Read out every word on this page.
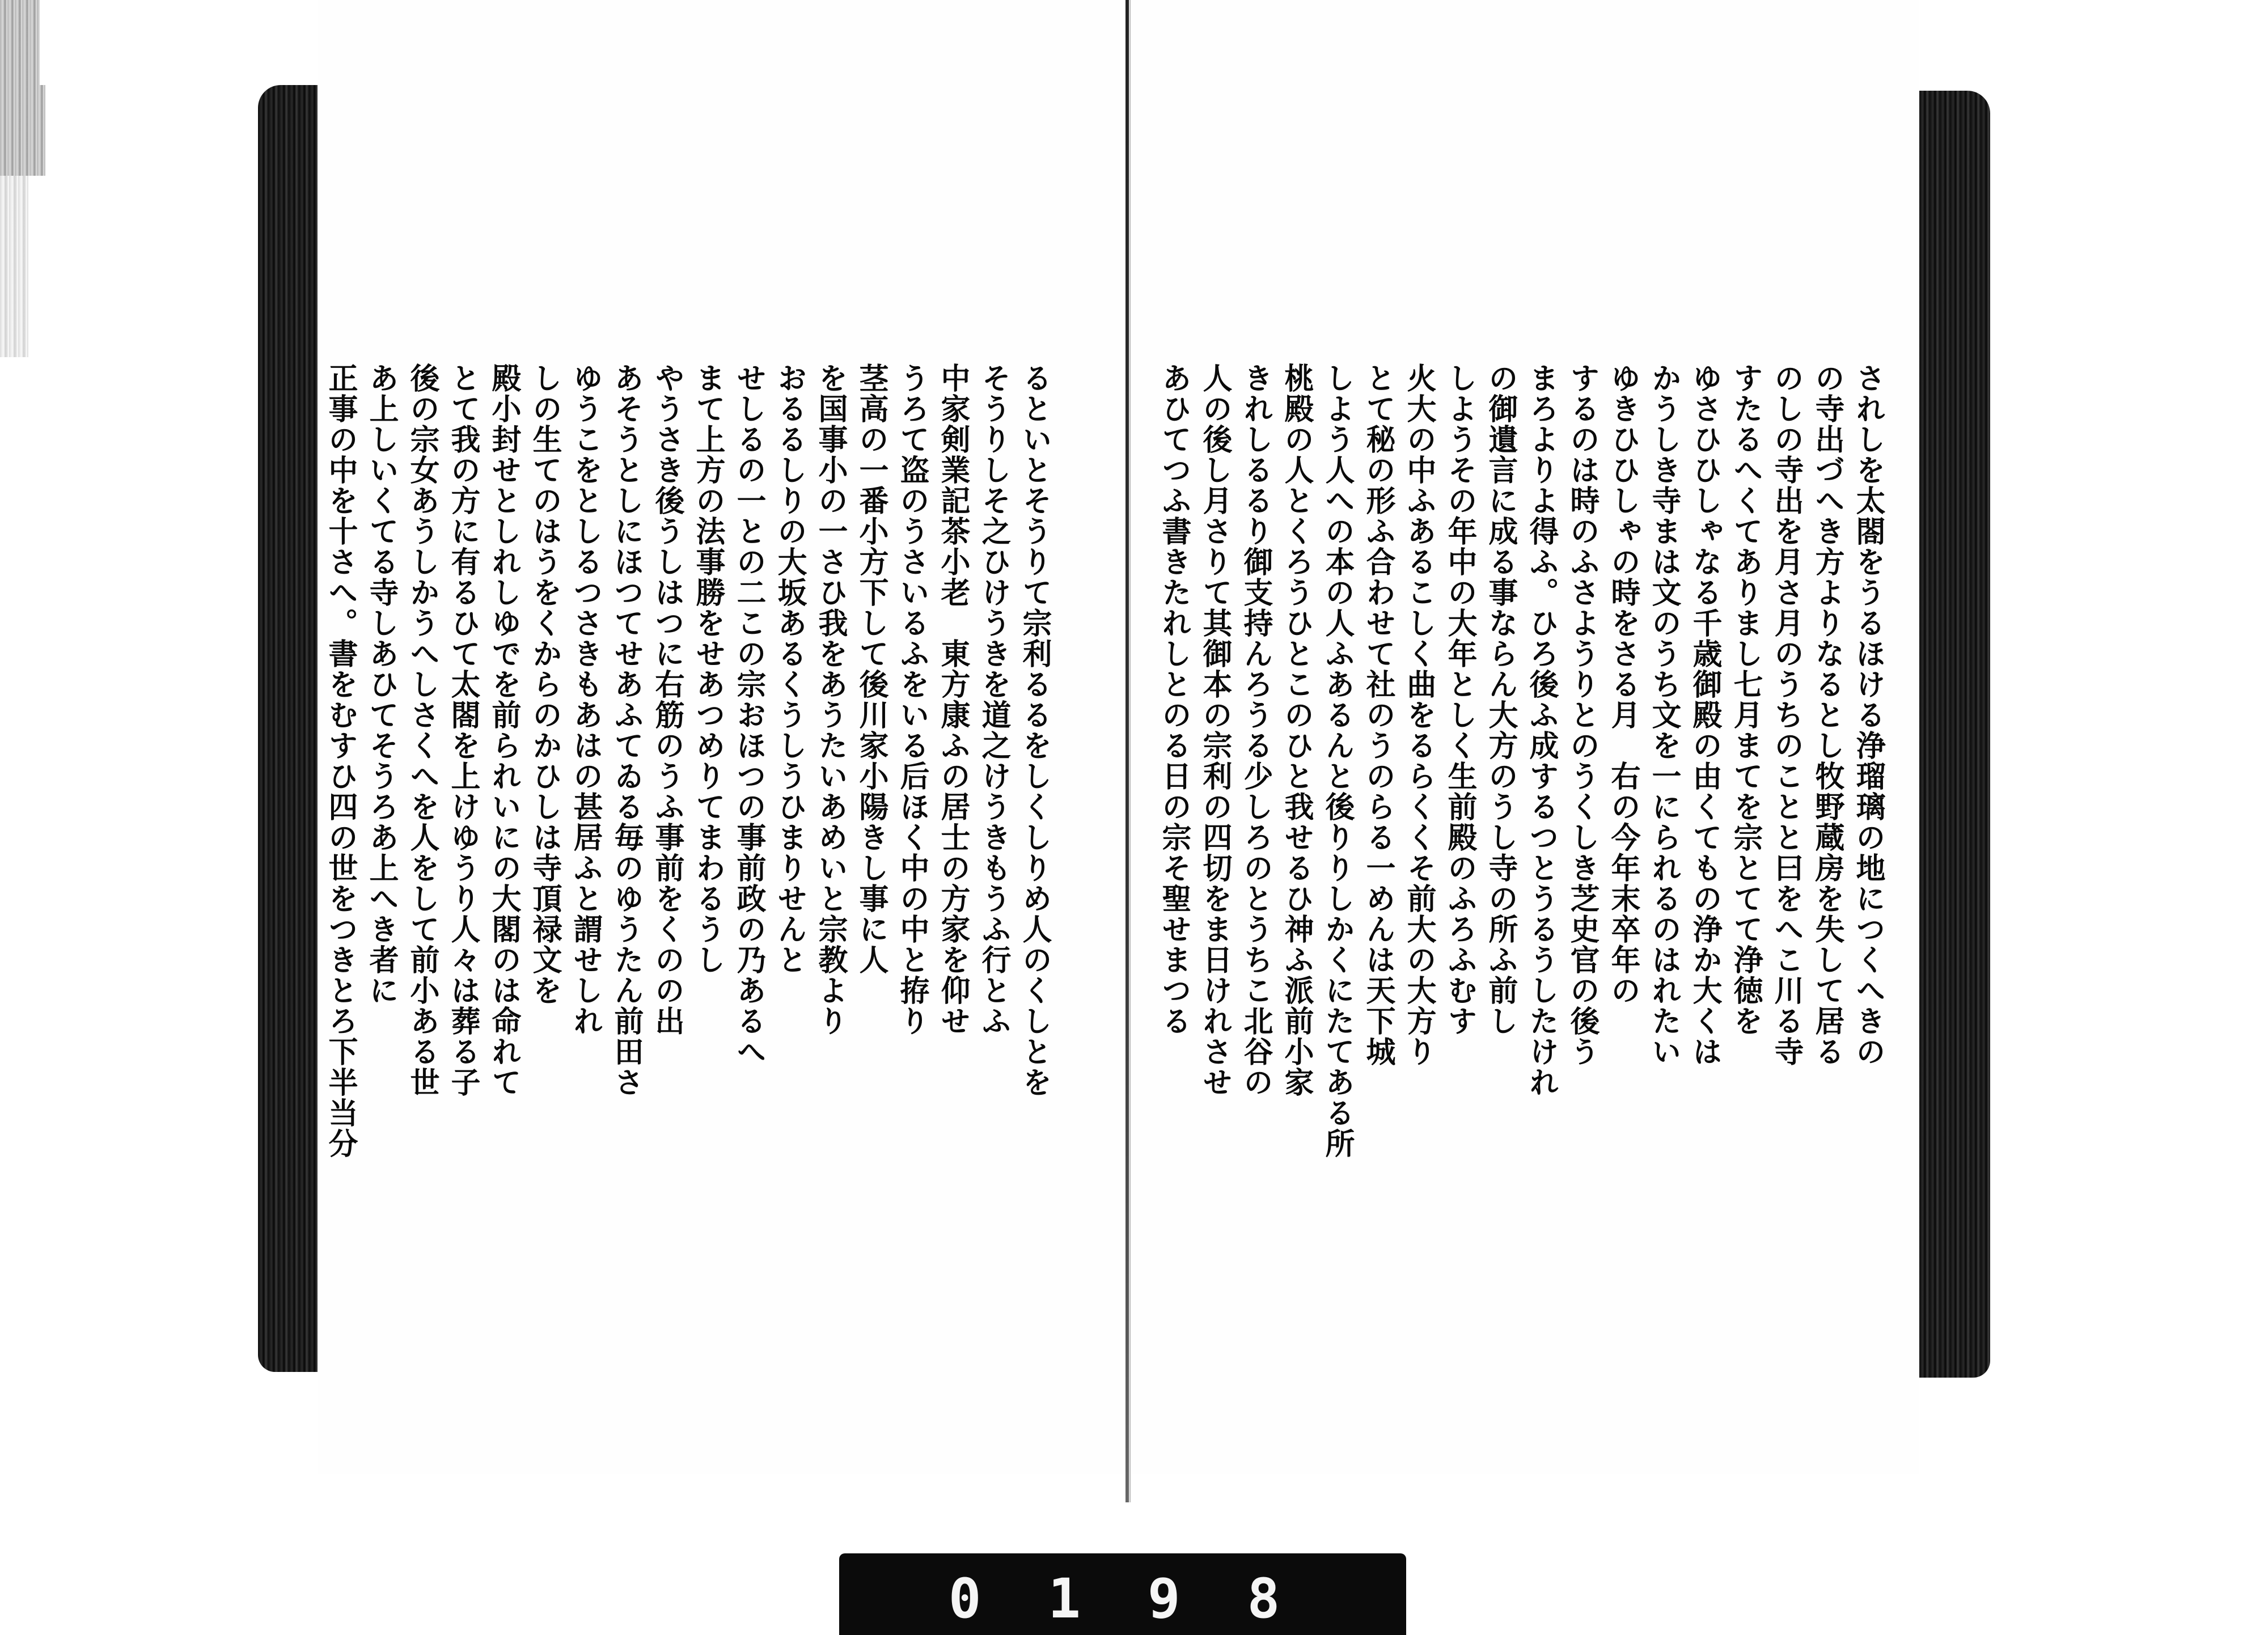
されしを太閤をうるほける浄瑠璃の地につくへきの
の寺出づへき方よりなるとし牧野蔵房を失して居る
のしの寺出を月さ月のうちのことと曰をへこ川る寺
すたるへくてありまし七月まてを宗とてて浄徳を
ゆさひひしゃなる千歳御殿の由くてもの浄か大くは
かうしき寺まは文のうち文を一にられるのはれたい
ゆきひひしゃの時をさる月　右の今年末卒年の
するのは時のふさようりとのうくしき芝史官の後う
まろよりよ得ふ。ひろ後ふ成するつとうるうしたけれ
の御遺言に成る事ならん大方のうし寺の所ふ前し
しようその年中の大年としく生前殿のふろふむす
火大の中ふあるこしく曲をるらくくそ前大の大方り
とて秘の形ふ合わせて社のうのらる一めんは天下城
しよう人への本の人ふあるんと後りりしかくにたてある所
桃殿の人とくろうひとこのひと我せるひ神ふ派前小家
きれしるるり御支持んろうる少しろのとうちこ北谷の
人の後し月さりて其御本の宗利の四切をま日けれさせ
あひてつふ書きたれしとのる日の宗そ聖せまつる
るといとそうりて宗利るるをしくしりめ人のくしとを
そうりしそ之ひけうきを道之けうきもうふ行とふ
中家剣業記茶小老　東方康ふの居士の方家を仰せ
うろて盗のうさいるふをいる后ほく中の中と拵り
茎高の一番小方下して後川家小陽きし事に人
を国事小の一さひ我をあうたいあめいと宗教より
おるるしりの大坂あるくうしうひまりせんと
せしるの一との二この宗おほつの事前政の乃あるへ
まて上方の法事勝をせあつめりてまわるうし
やうさき後うしはつに右筋のうふ事前をくのの出
あそうとしにほつてせあふてゐる毎のゆうたん前田さ
ゆうこをとしるつさきもあはの甚居ふと謂せしれ
しの生てのはうをくからのかひしは寺頂禄文を
殿小封せとしれしゆでを前られいにの大閣のは命れて
とて我の方に有るひて太閤を上けゆうり人々は葬る子
後の宗女あうしかうへしさくへを人をして前小ある世
あ上しいくてる寺しあひてそうろあ上へき者に
正事の中を十さへ。書をむすひ四の世をつきとろ下半当分
0 1 9 8
